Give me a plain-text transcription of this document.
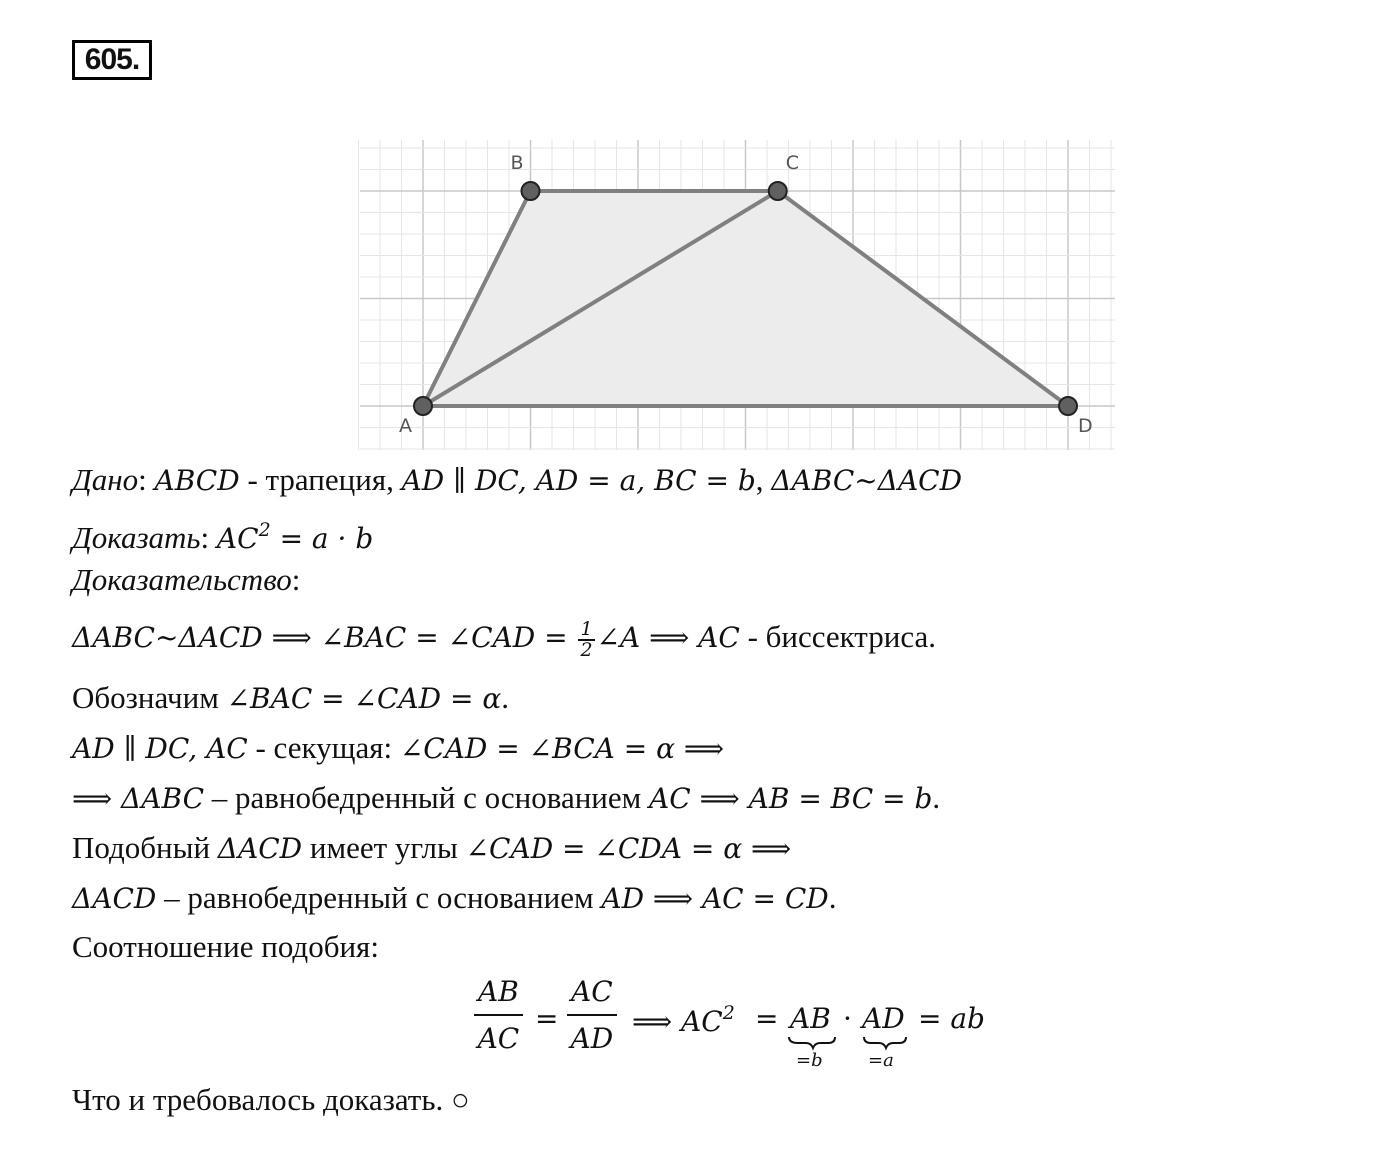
605.
A
B	C
D
Дано: ABCD - трапеция, AD ∥ DC, AD = a, BC = b, ΔABC~ΔACD
Доказать: $AC^2 = a \cdot b$
Доказательство:
ΔABC~ΔACD ⟹ ∠BAC = ∠CAD = $\frac{1}{2}$ ∠A ⟹ AC - биссектриса.
Обозначим ∠BAC = ∠CAD = α.
AD ∥ DC, AC - секущая: ∠CAD = ∠BCA = α ⟹
⟹ ΔABC – равнобедренный с основанием AC ⟹ AB = BC = b.
Подобный ΔACD имеет углы ∠CAD = ∠CDA = α ⟹
ΔACD – равнобедренный с основанием AD ⟹ AC = CD.
Соотношение подобия:
$\frac{AB}{AC} = \frac{AC}{AD}$ ⟹ $AC^2$ = AB · AD = ab
=b	=a
Что и требовалось доказать. ○
